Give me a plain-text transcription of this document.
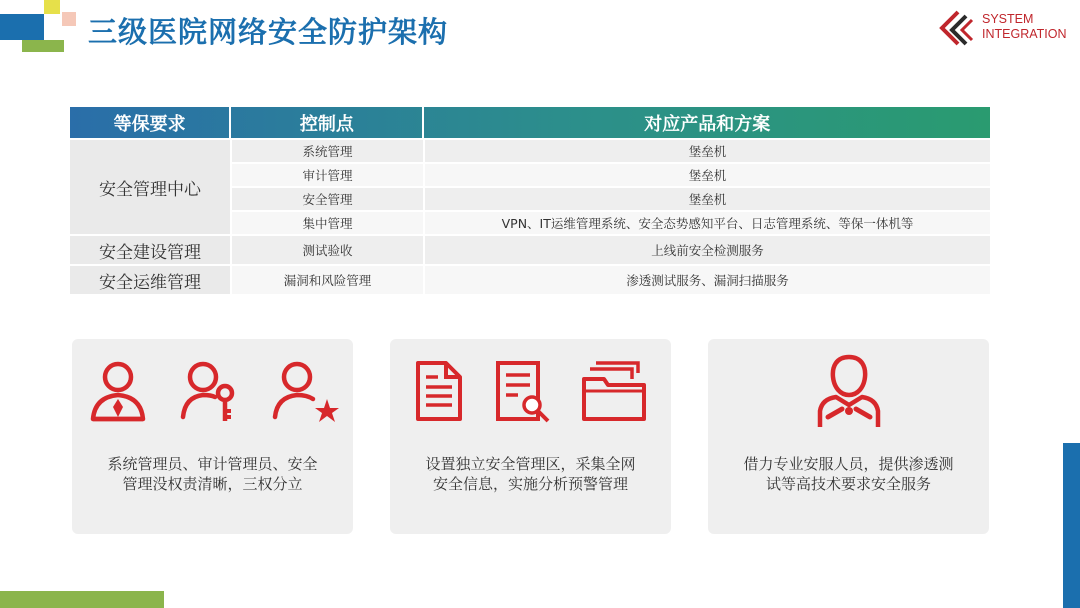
三级医院网络安全防护架构	SYSTEM
INTEGRATION
等保要求	控制点	对应产品和方案
安全管理中心
系统管理	堡垒机
审计管理	堡垒机
安全管理	堡垒机
集中管理	VPN、IT运维管理系统、安全态势感知平台、日志管理系统、等保一体机等
安全建设管理	测试验收	上线前安全检测服务
安全运维管理	漏洞和风险管理	渗透测试服务、漏洞扫描服务
系统管理员、审计管理员、安全
管理没权责清晰，三权分立
设置独立安全管理区，采集全网
安全信息，实施分析预警管理
借力专业安服人员，提供渗透测
试等高技术要求安全服务
